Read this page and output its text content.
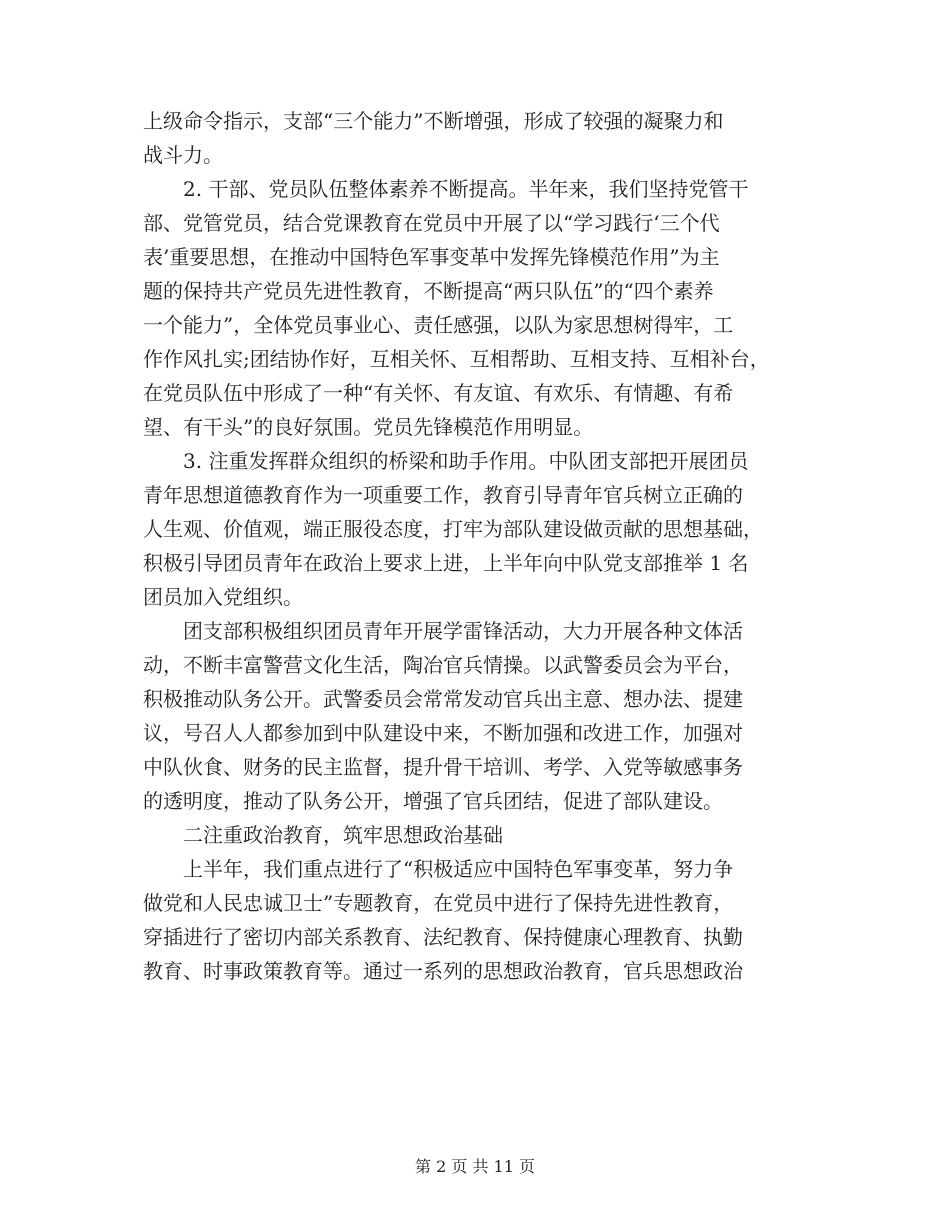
上级命令指示，支部“三个能力”不断增强，形成了较强的凝聚力和
战斗力。
　　2. 干部、党员队伍整体素养不断提高。半年来，我们坚持党管干
部、党管党员，结合党课教育在党员中开展了以“学习践行‘三个代
表’重要思想，在推动中国特色军事变革中发挥先锋模范作用”为主
题的保持共产党员先进性教育，不断提高“两只队伍”的“四个素养
一个能力”，全体党员事业心、责任感强，以队为家思想树得牢，工
作作风扎实;团结协作好，互相关怀、互相帮助、互相支持、互相补台，
在党员队伍中形成了一种“有关怀、有友谊、有欢乐、有情趣、有希
望、有干头”的良好氛围。党员先锋模范作用明显。
　　3. 注重发挥群众组织的桥梁和助手作用。中队团支部把开展团员
青年思想道德教育作为一项重要工作，教育引导青年官兵树立正确的
人生观、价值观，端正服役态度，打牢为部队建设做贡献的思想基础，
积极引导团员青年在政治上要求上进，上半年向中队党支部推举 1 名
团员加入党组织。
　　团支部积极组织团员青年开展学雷锋活动，大力开展各种文体活
动，不断丰富警营文化生活，陶冶官兵情操。以武警委员会为平台，
积极推动队务公开。武警委员会常常发动官兵出主意、想办法、提建
议，号召人人都参加到中队建设中来，不断加强和改进工作，加强对
中队伙食、财务的民主监督，提升骨干培训、考学、入党等敏感事务
的透明度，推动了队务公开，增强了官兵团结，促进了部队建设。
　　二注重政治教育，筑牢思想政治基础
　　上半年，我们重点进行了“积极适应中国特色军事变革，努力争
做党和人民忠诚卫士”专题教育，在党员中进行了保持先进性教育，
穿插进行了密切内部关系教育、法纪教育、保持健康心理教育、执勤
教育、时事政策教育等。通过一系列的思想政治教育，官兵思想政治
第 2 页 共 11 页
